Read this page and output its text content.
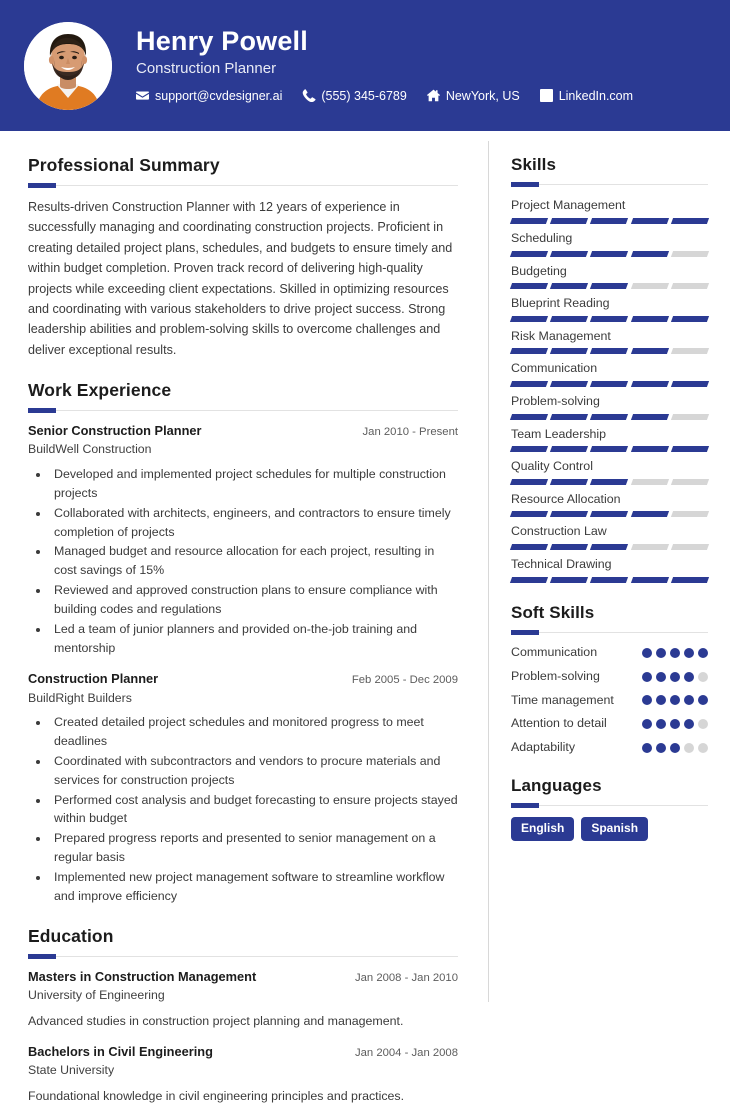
Henry Powell
Construction Planner
support@cvdesigner.ai	(555) 345-6789	NewYork, US	LinkedIn.com
Professional Summary
Results-driven Construction Planner with 12 years of experience in successfully managing and coordinating construction projects. Proficient in creating detailed project plans, schedules, and budgets to ensure timely and within budget completion. Proven track record of delivering high-quality projects while exceeding client expectations. Skilled in optimizing resources and coordinating with various stakeholders to drive project success. Strong leadership abilities and problem-solving skills to overcome challenges and deliver exceptional results.
Work Experience
Senior Construction Planner	Jan 2010 - Present
BuildWell Construction
• Developed and implemented project schedules for multiple construction projects
• Collaborated with architects, engineers, and contractors to ensure timely completion of projects
• Managed budget and resource allocation for each project, resulting in cost savings of 15%
• Reviewed and approved construction plans to ensure compliance with building codes and regulations
• Led a team of junior planners and provided on-the-job training and mentorship
Construction Planner	Feb 2005 - Dec 2009
BuildRight Builders
• Created detailed project schedules and monitored progress to meet deadlines
• Coordinated with subcontractors and vendors to procure materials and services for construction projects
• Performed cost analysis and budget forecasting to ensure projects stayed within budget
• Prepared progress reports and presented to senior management on a regular basis
• Implemented new project management software to streamline workflow and improve efficiency
Education
Masters in Construction Management	Jan 2008 - Jan 2010
University of Engineering
Advanced studies in construction project planning and management.
Bachelors in Civil Engineering	Jan 2004 - Jan 2008
State University
Foundational knowledge in civil engineering principles and practices.
Skills
Project Management
Scheduling
Budgeting
Blueprint Reading
Risk Management
Communication
Problem-solving
Team Leadership
Quality Control
Resource Allocation
Construction Law
Technical Drawing
Soft Skills
Communication
Problem-solving
Time management
Attention to detail
Adaptability
Languages
English	Spanish
